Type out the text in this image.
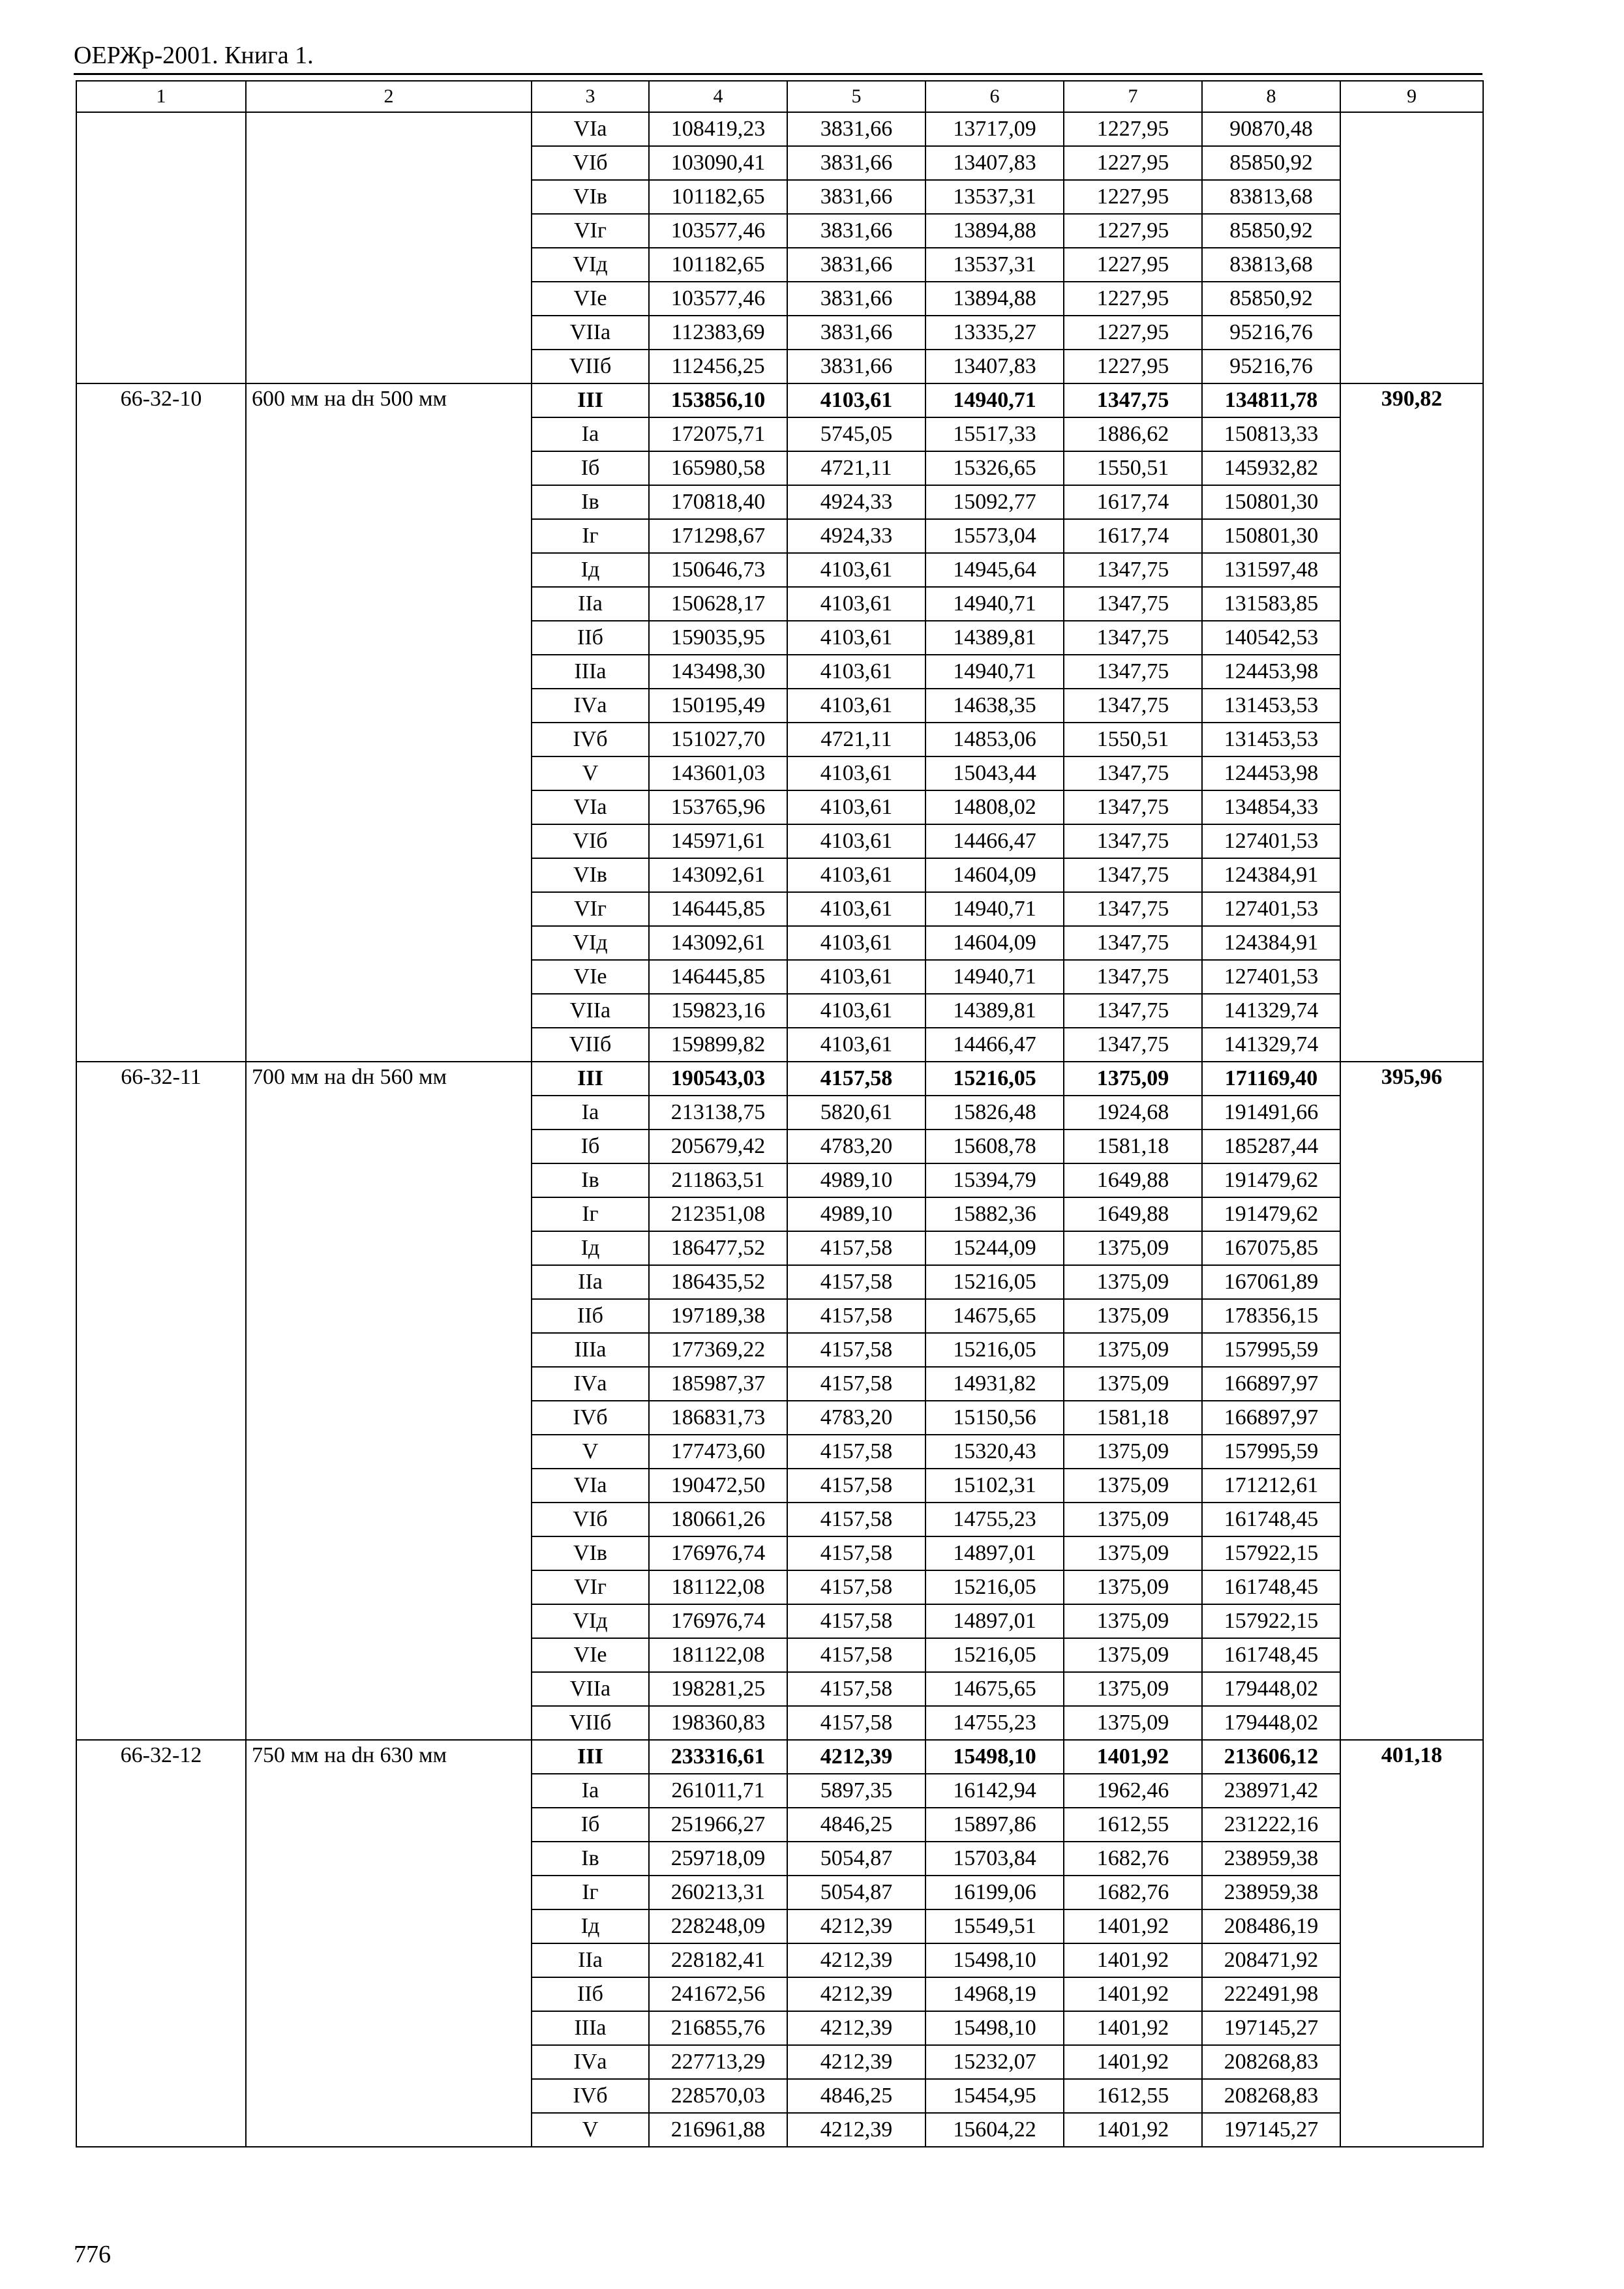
ОЕРЖр-2001. Книга 1.
1	2	3	4	5	6	7	8	9
		VIа	108419,23	3831,66	13717,09	1227,95	90870,48	
		VIб	103090,41	3831,66	13407,83	1227,95	85850,92	
		VIв	101182,65	3831,66	13537,31	1227,95	83813,68	
		VIг	103577,46	3831,66	13894,88	1227,95	85850,92	
		VIд	101182,65	3831,66	13537,31	1227,95	83813,68	
		VIе	103577,46	3831,66	13894,88	1227,95	85850,92	
		VIIа	112383,69	3831,66	13335,27	1227,95	95216,76	
		VIIб	112456,25	3831,66	13407,83	1227,95	95216,76	
66-32-10	600 мм на dн 500 мм	III	153856,10	4103,61	14940,71	1347,75	134811,78	390,82
		Iа	172075,71	5745,05	15517,33	1886,62	150813,33	
		Iб	165980,58	4721,11	15326,65	1550,51	145932,82	
		Iв	170818,40	4924,33	15092,77	1617,74	150801,30	
		Iг	171298,67	4924,33	15573,04	1617,74	150801,30	
		Iд	150646,73	4103,61	14945,64	1347,75	131597,48	
		IIа	150628,17	4103,61	14940,71	1347,75	131583,85	
		IIб	159035,95	4103,61	14389,81	1347,75	140542,53	
		IIIа	143498,30	4103,61	14940,71	1347,75	124453,98	
		IVа	150195,49	4103,61	14638,35	1347,75	131453,53	
		IVб	151027,70	4721,11	14853,06	1550,51	131453,53	
		V	143601,03	4103,61	15043,44	1347,75	124453,98	
		VIа	153765,96	4103,61	14808,02	1347,75	134854,33	
		VIб	145971,61	4103,61	14466,47	1347,75	127401,53	
		VIв	143092,61	4103,61	14604,09	1347,75	124384,91	
		VIг	146445,85	4103,61	14940,71	1347,75	127401,53	
		VIд	143092,61	4103,61	14604,09	1347,75	124384,91	
		VIе	146445,85	4103,61	14940,71	1347,75	127401,53	
		VIIа	159823,16	4103,61	14389,81	1347,75	141329,74	
		VIIб	159899,82	4103,61	14466,47	1347,75	141329,74	
66-32-11	700 мм на dн 560 мм	III	190543,03	4157,58	15216,05	1375,09	171169,40	395,96
		Iа	213138,75	5820,61	15826,48	1924,68	191491,66	
		Iб	205679,42	4783,20	15608,78	1581,18	185287,44	
		Iв	211863,51	4989,10	15394,79	1649,88	191479,62	
		Iг	212351,08	4989,10	15882,36	1649,88	191479,62	
		Iд	186477,52	4157,58	15244,09	1375,09	167075,85	
		IIа	186435,52	4157,58	15216,05	1375,09	167061,89	
		IIб	197189,38	4157,58	14675,65	1375,09	178356,15	
		IIIа	177369,22	4157,58	15216,05	1375,09	157995,59	
		IVа	185987,37	4157,58	14931,82	1375,09	166897,97	
		IVб	186831,73	4783,20	15150,56	1581,18	166897,97	
		V	177473,60	4157,58	15320,43	1375,09	157995,59	
		VIа	190472,50	4157,58	15102,31	1375,09	171212,61	
		VIб	180661,26	4157,58	14755,23	1375,09	161748,45	
		VIв	176976,74	4157,58	14897,01	1375,09	157922,15	
		VIг	181122,08	4157,58	15216,05	1375,09	161748,45	
		VIд	176976,74	4157,58	14897,01	1375,09	157922,15	
		VIе	181122,08	4157,58	15216,05	1375,09	161748,45	
		VIIа	198281,25	4157,58	14675,65	1375,09	179448,02	
		VIIб	198360,83	4157,58	14755,23	1375,09	179448,02	
66-32-12	750 мм на dн 630 мм	III	233316,61	4212,39	15498,10	1401,92	213606,12	401,18
		Iа	261011,71	5897,35	16142,94	1962,46	238971,42	
		Iб	251966,27	4846,25	15897,86	1612,55	231222,16	
		Iв	259718,09	5054,87	15703,84	1682,76	238959,38	
		Iг	260213,31	5054,87	16199,06	1682,76	238959,38	
		Iд	228248,09	4212,39	15549,51	1401,92	208486,19	
		IIа	228182,41	4212,39	15498,10	1401,92	208471,92	
		IIб	241672,56	4212,39	14968,19	1401,92	222491,98	
		IIIа	216855,76	4212,39	15498,10	1401,92	197145,27	
		IVа	227713,29	4212,39	15232,07	1401,92	208268,83	
		IVб	228570,03	4846,25	15454,95	1612,55	208268,83	
		V	216961,88	4212,39	15604,22	1401,92	197145,27	
776
